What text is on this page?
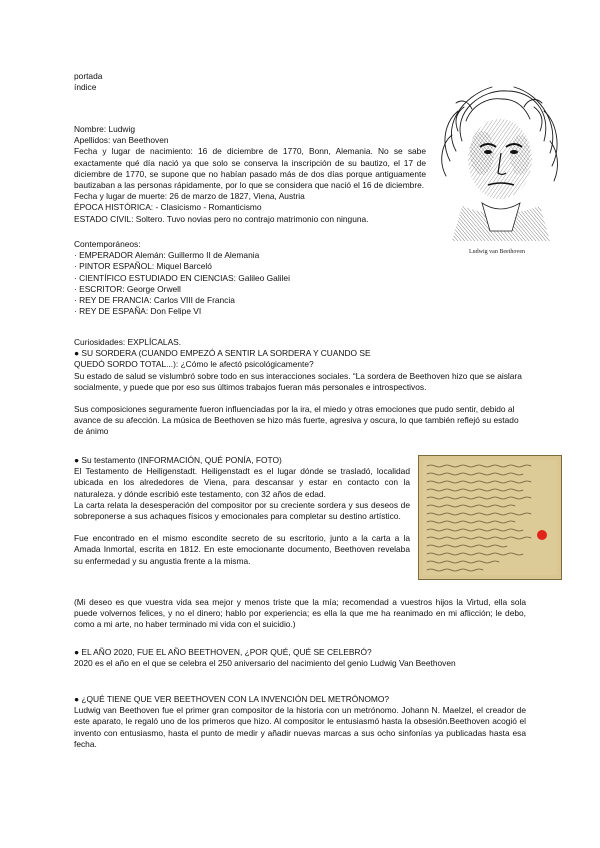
portada
índice

Nombre: Ludwig

Apellidos: van Beethoven

Fecha y lugar de nacimiento: 16 de diciembre de 1770, Bonn, Alemania. No se sabe exactamente qué día nació ya que solo se conserva la inscripción de su bautizo, el 17 de diciembre de 1770, se supone que no habían pasado más de dos días porque antiguamente bautizaban a las personas rápidamente, por lo que se considera que nació el 16 de diciembre.

Fecha y lugar de muerte: 26 de marzo de 1827, Viena, Austria

ÉPOCA HISTÓRICA: - Clasicismo - Romanticismo

ESTADO CIVIL: Soltero. Tuvo novias pero no contrajo matrimonio con ninguna.

Ludwig van Beethoven
Contemporáneos:
· EMPERADOR Alemán: Guillermo II de Alemania
· PINTOR ESPAÑOL: Miquel Barceló
· CIENTÍFICO ESTUDIADO EN CIENCIAS: Galileo Galilei
· ESCRITOR: George Orwell
· REY DE FRANCIA: Carlos VIII de Francia
· REY DE ESPAÑA: Don Felipe VI
Curiosidades: EXPLÍCALAS.
● SU SORDERA (CUANDO EMPEZÓ A SENTIR LA SORDERA Y CUANDO SE
QUEDÓ SORDO TOTAL...): ¿Cómo le afectó psicológicamente?

Su estado de salud se vislumbró sobre todo en sus interacciones sociales. “La sordera de Beethoven hizo que se aislara socialmente, y puede que por eso sus últimos trabajos fueran más personales e introspectivos.

Sus composiciones seguramente fueron influenciadas por la ira, el miedo y otras emociones que pudo sentir, debido al avance de su afección. La música de Beethoven se hizo más fuerte, agresiva y oscura, lo que también reflejó su estado de ánimo

● Su testamento (INFORMACIÓN, QUÉ PONÍA, FOTO)

El Testamento de Heiligenstadt. Heiligenstadt es el lugar dónde se trasladó, localidad ubicada en los alrededores de Viena, para descansar y estar en contacto con la naturaleza. y dónde escribió este testamento, con 32 años de edad.

La carta relata la desesperación del compositor por su creciente sordera y sus deseos de sobreponerse a sus achaques físicos y emocionales para completar su destino artístico.

Fue encontrado en el mismo escondite secreto de su escritorio, junto a la carta a la Amada Inmortal, escrita en 1812. En este emocionante documento, Beethoven revelaba su enfermedad y su angustia frente a la misma.

(Mi deseo es que vuestra vida sea mejor y menos triste que la mía; recomendad a vuestros hijos la Virtud, ella sola puede volvernos felices, y no el dinero; hablo por experiencia; es ella la que me ha reanimado en mi aflicción; le debo, como a mi arte, no haber terminado mi vida con el suicidio.)

● EL AÑO 2020, FUE EL AÑO BEETHOVEN, ¿POR QUÉ, QUÉ SE CELEBRÓ?
2020 es el año en el que se celebra el 250 aniversario del nacimiento del genio Ludwig Van Beethoven
● ¿QUÉ TIENE QUE VER BEETHOVEN CON LA INVENCIÓN DEL METRÓNOMO?

Ludwig van Beethoven fue el primer gran compositor de la historia con un metrónomo. Johann N. Maelzel, el creador de este aparato, le regaló uno de los primeros que hizo. Al compositor le entusiasmó hasta la obsesión.Beethoven acogió el invento con entusiasmo, hasta el punto de medir y añadir nuevas marcas a sus ocho sinfonías ya publicadas hasta esa fecha.
